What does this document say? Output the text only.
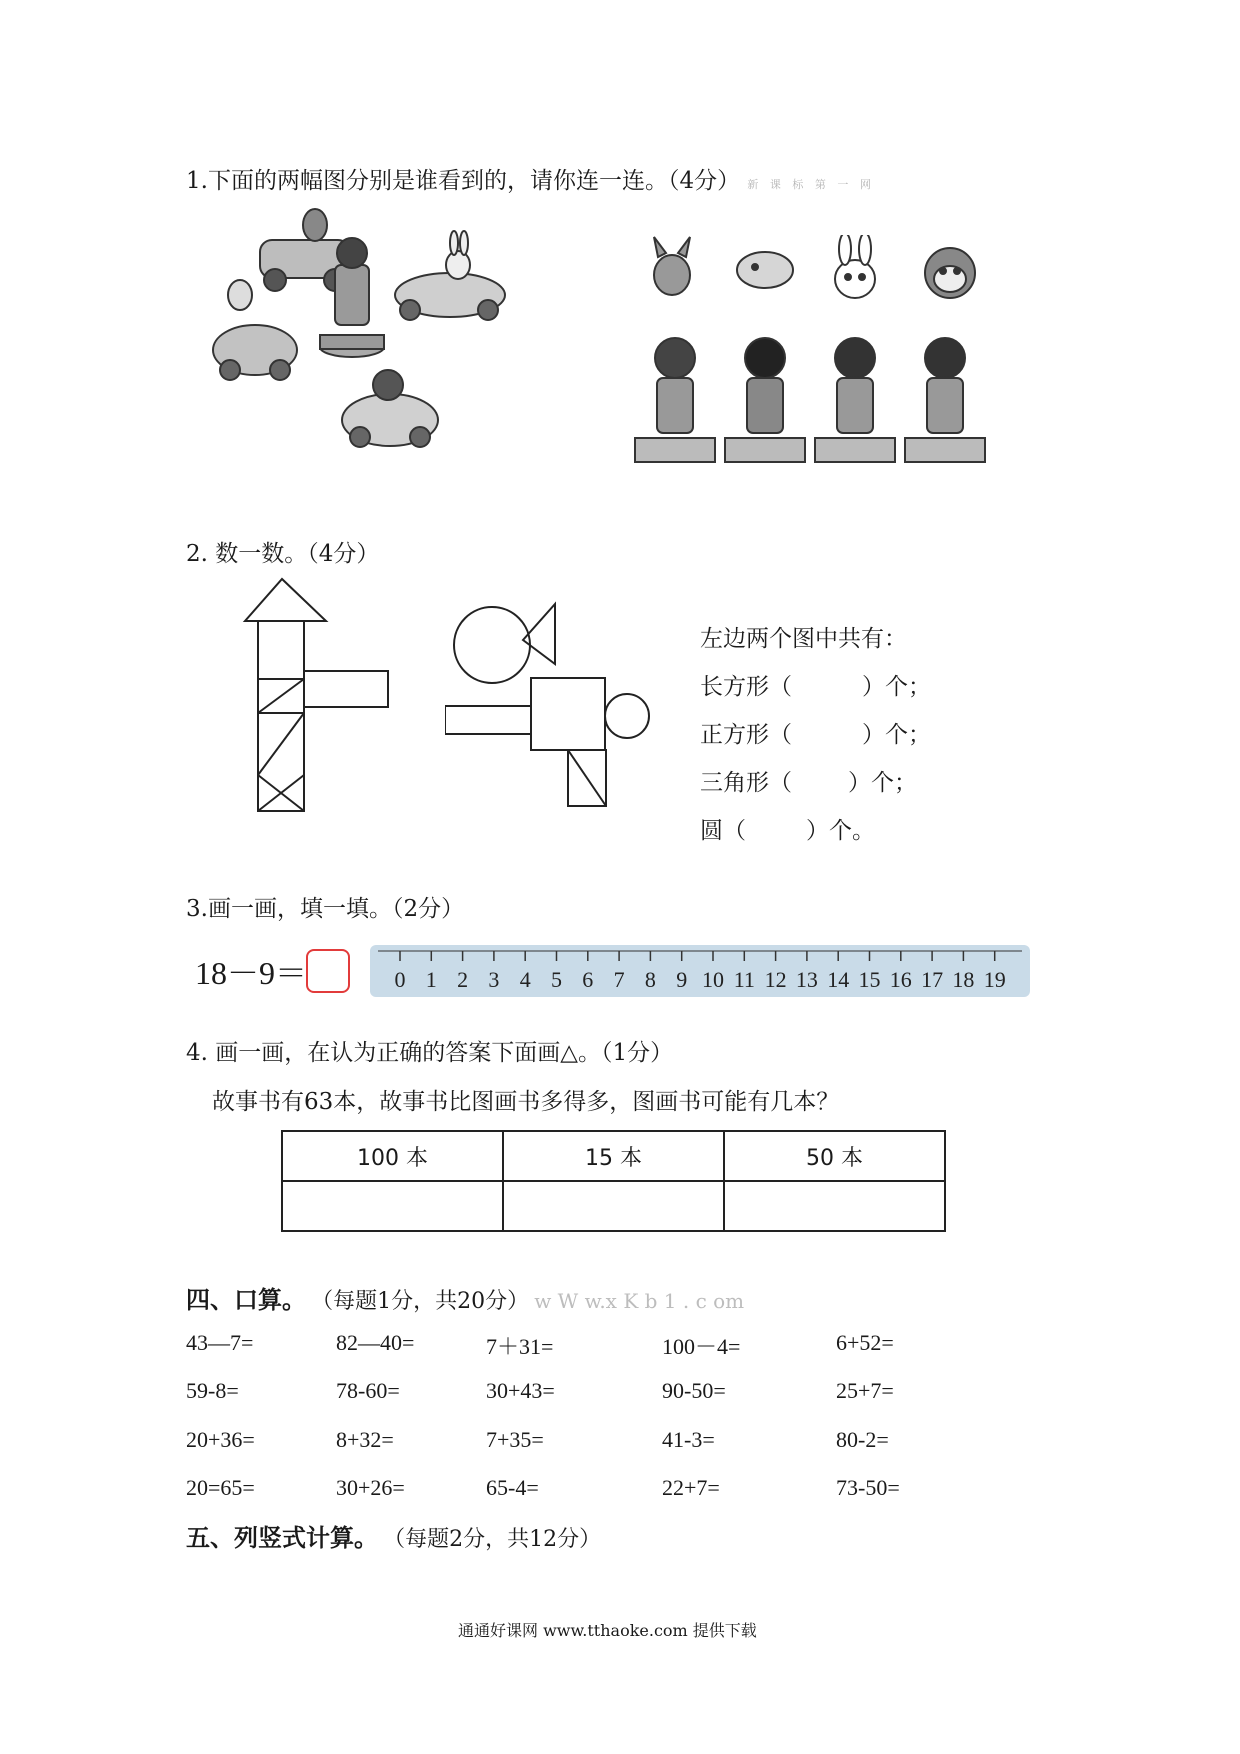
1.下面的两幅图分别是谁看到的，请你连一连。（4分） 新 课 标 第 一 网
2. 数一数。（4分）
左边两个图中共有：
长方形（	）个；
正方形（	）个；
三角形（ ）个；
圆（	）个。
3.画一画，填一填。（2分）
18－9＝	0 1 2 3 4 5 6 7 8 9 10 11 12 13 14 15 16 17 18 19
4. 画一画，在认为正确的答案下面画△。（1分）
故事书有63本，故事书比图画书多得多，图画书可能有几本？
100 本	15 本	50 本

四、口算。 （每题1分，共20分） w W w.x K b 1 . c om
43—7=	82—40=	7＋31=	100－4=	6+52=
59-8=	78-60=	30+43=	90-50=	25+7=
20+36=	8+32=	7+35=	41-3=	80-2=
20=65=	30+26=	65-4=	22+7=	73-50=
五、列竖式计算。 （每题2分，共12分）
通通好课网 www.tthaoke.com 提供下载
